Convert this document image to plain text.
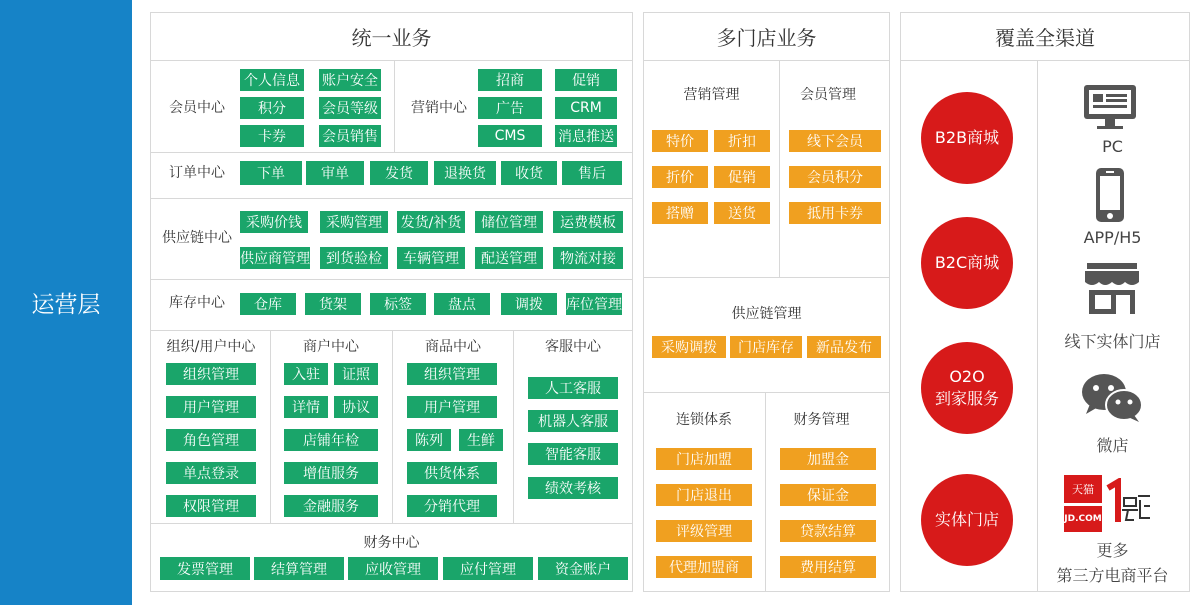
运营层
统一业务
会员中心
个人信息 账户安全
积分	会员等级
卡券	会员销售
营销中心
招商	促销
广告	CRM
CMS	消息推送
订单中心	下单	审单	发货	退换货	收货	售后
供应链中心
采购价钱	采购管理	发货/补货	储位管理	运费模板
供应商管理	到货验检	车辆管理	配送管理	物流对接
库存中心	仓库	货架	标签	盘点	调拨	库位管理
组织/用户中心
组织管理
用户管理
角色管理
单点登录
权限管理
商户中心
入驻	证照
详情	协议
店铺年检
增值服务
金融服务
商品中心
组织管理
用户管理
陈列	生鲜
供货体系
分销代理
客服中心
人工客服
机器人客服
智能客服
绩效考核
财务中心
发票管理	结算管理	应收管理	应付管理	资金账户
多门店业务
营销管理
特价	折扣
折价	促销
搭赠	送货
会员管理
线下会员
会员积分
抵用卡券
供应链管理
采购调拨	门店库存	新品发布
连锁体系
门店加盟
门店退出
评级管理
代理加盟商
财务管理
加盟金
保证金
贷款结算
费用结算
覆盖全渠道
B2B商城
B2C商城
O2O
到家服务
实体门店
PC
APP/H5
线下实体门店
微店
天猫
JD.COM
更多
第三方电商平台
